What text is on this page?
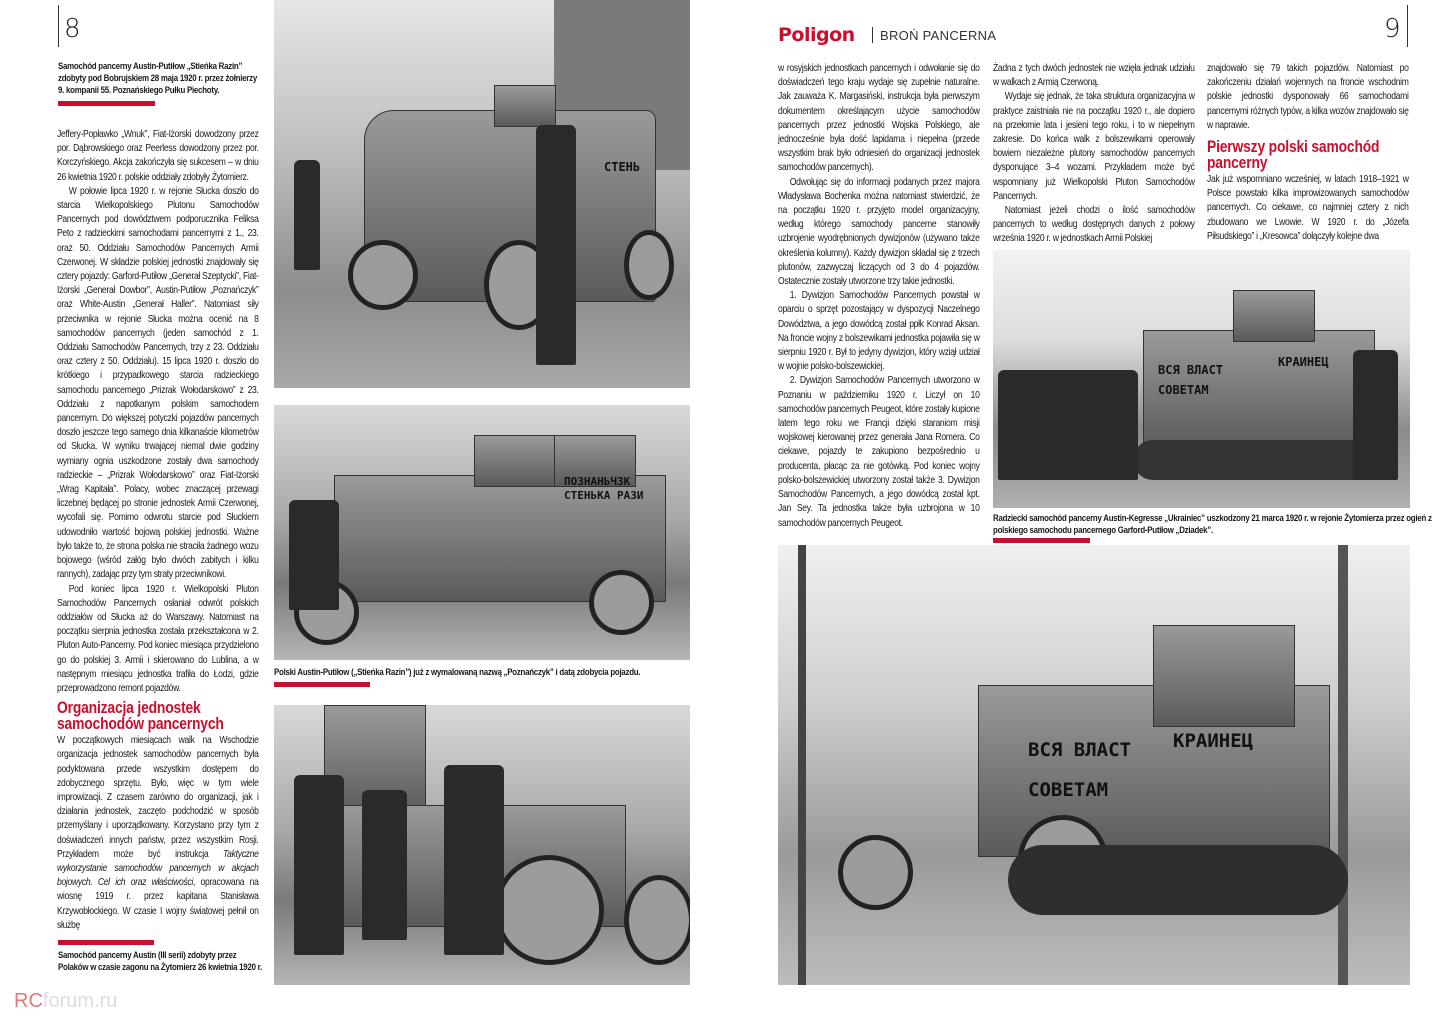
8
Samochód pancerny Austin-Putiłow „Stieńka Razin” zdobyty pod Bobrujskiem 28 maja 1920 r. przez żołnierzy 9. kompanii 55. Poznańskiego Pułku Piechoty.

Jeffery-Popławko „Wnuk”, Fiat-Iżorski dowodzony przez por. Dąbrowskiego oraz Peerless dowodzony przez por. Korczyńskiego. Akcja zakończyła się sukcesem – w dniu 26 kwietnia 1920 r. polskie oddziały zdobyły Żytomierz.

W połowie lipca 1920 r. w rejonie Słucka doszło do starcia Wielkopolskiego Plutonu Samochodów Pancernych pod dowództwem podporucznika Feliksa Peto z radzieckimi samochodami pancernymi z 1., 23. oraz 50. Oddziału Samochodów Pancernych Armii Czerwonej. W składzie polskiej jednostki znajdowały się cztery pojazdy: Garford-Putiłow „Generał Szeptycki”, Fiat-Iżorski „Generał Dowbor”, Austin-Putiłow „Poznańczyk” oraz White-Austin „Generał Haller”. Natomiast siły przeciwnika w rejonie Słucka można ocenić na 8 samochodów pancernych (jeden samochód z 1. Oddziału Samochodów Pancernych, trzy z 23. Oddziału oraz cztery z 50. Oddziału). 15 lipca 1920 r. doszło do krótkiego i przypadkowego starcia radzieckiego samochodu pancernego „Prizrak Wołodarskowo” z 23. Oddziału z napotkanym polskim samochodem pancernym. Do większej potyczki pojazdów pancernych doszło jeszcze tego samego dnia kilkanaście kilometrów od Słucka. W wyniku trwającej niemal dwie godziny wymiany ognia uszkodzone zostały dwa samochody radzieckie – „Prizrak Wołodarskowo” oraz Fiat-Iżorski „Wrag Kapitała”. Polacy, wobec znaczącej przewagi liczebnej będącej po stronie jednostek Armii Czerwonej, wycofali się. Pomimo odwrotu starcie pod Słuckiem udowodniło wartość bojową polskiej jednostki. Ważne było także to, że strona polska nie straciła żadnego wozu bojowego (wśród załóg było dwóch zabitych i kilku rannych), zadając przy tym straty przeciwnikowi.

Pod koniec lipca 1920 r. Wielkopolski Pluton Samochodów Pancernych osłaniał odwrót polskich oddziałów od Słucka aż do Warszawy. Natomiast na początku sierpnia jednostka została przekształcona w 2. Pluton Auto-Pancerny. Pod koniec miesiąca przydzielono go do polskiej 3. Armii i skierowano do Lublina, a w następnym miesiącu jednostka trafiła do Łodzi, gdzie przeprowadzono remont pojazdów.

Organizacja jednostek samochodów pancernych

W początkowych miesiącach walk na Wschodzie organizacja jednostek samochodów pancernych była podyktowana przede wszystkim dostępem do zdobycznego sprzętu. Było, więc w tym wiele improwizacji. Z czasem zarówno do organizacji, jak i działania jednostek, zaczęto podchodzić w sposób przemyślany i uporządkowany. Korzystano przy tym z doświadczeń innych państw, przez wszystkim Rosji. Przykładem może być instrukcja Taktyczne wykorzystanie samochodów pancernych w akcjach bojowych. Cel ich oraz właściwości, opracowana na wiosnę 1919 r. przez kapitana Stanisława Krzywobłockiego. W czasie I wojny światowej pełnił on służbę

СТЕНЬ
ПОЗНАНЬЧЗК
СТЕНЬКА РАЗИ
Polski Austin-Putiłow („Stieńka Razin”) już z wymalowaną nazwą „Poznańczyk” i datą zdobycia pojazdu.
Samochód pancerny Austin (III serii) zdobyty przez Polaków w czasie zagonu na Żytomierz 26 kwietnia 1920 r.
RCforum.ru
Poligon BROŃ PANCERNA	9

w rosyjskich jednostkach pancernych i odwołanie się do doświadczeń tego kraju wydaje się zupełnie naturalne. Jak zauważa K. Margasiński, instrukcja była pierwszym dokumentem określającym użycie samochodów pancernych przez jednostki Wojska Polskiego, ale jednocześnie była dość lapidarna i niepełna (przede wszystkim brak było odniesień do organizacji jednostek samochodów pancernych).

Odwołując się do informacji podanych przez majora Władysława Bochenka można natomiast stwierdzić, że na początku 1920 r. przyjęto model organizacyjny, według którego samochody pancerne stanowiły uzbrojenie wyodrębnionych dywizjonów (używano także określenia kolumny). Każdy dywizjon składał się z trzech plutonów, zazwyczaj liczących od 3 do 4 pojazdów. Ostatecznie zostały utworzone trzy takie jednostki.

1. Dywizjon Samochodów Pancernych powstał w oparciu o sprzęt pozostający w dyspozycji Naczelnego Dowództwa, a jego dowódcą został ppłk Konrad Aksan. Na froncie wojny z bolszewikami jednostka pojawiła się w sierpniu 1920 r. Był to jedyny dywizjon, który wziął udział w wojnie polsko-bolszewickiej.

2. Dywizjon Samochodów Pancernych utworzono w Poznaniu w październiku 1920 r. Liczył on 10 samochodów pancernych Peugeot, które zostały kupione latem tego roku we Francji dzięki staraniom misji wojskowej kierowanej przez generała Jana Romera. Co ciekawe, pojazdy te zakupiono bezpośrednio u producenta, płacąc za nie gotówką. Pod koniec wojny polsko-bolszewickiej utworzony został także 3. Dywizjon Samochodów Pancernych, a jego dowódcą został kpt. Jan Sey. Ta jednostka także była uzbrojona w 10 samochodów pancernych Peugeot.

Żadna z tych dwóch jednostek nie wzięła jednak udziału w walkach z Armią Czerwoną.

Wydaje się jednak, że taka struktura organizacyjna w praktyce zaistniała nie na początku 1920 r., ale dopiero na przełomie lata i jesieni tego roku, i to w niepełnym zakresie. Do końca walk z bolszewikami operowały bowiem niezależne plutony samochodów pancernych dysponujące 3–4 wozami. Przykładem może być wspomniany już Wielkopolski Pluton Samochodów Pancernych.

Natomiast jeżeli chodzi o ilość samochodów pancernych to według dostępnych danych z połowy września 1920 r. w jednostkach Armii Polskiej

znajdowało się 79 takich pojazdów. Natomiast po zakończeniu działań wojennych na froncie wschodnim polskie jednostki dysponowały 66 samochodami pancernymi różnych typów, a kilka wozów znajdowało się w naprawie.

Pierwszy polski samochód pancerny

Jak już wspomniano wcześniej, w latach 1918–1921 w Polsce powstało kilka improwizowanych samochodów pancernych. Co ciekawe, co najmniej cztery z nich zbudowano we Lwowie. W 1920 r. do „Józefa Piłsudskiego” i „Kresowca” dołączyły kolejne dwa

ВСЯ ВЛАСТ
СОВЕТАМ
КРАИНЕЦ
Radziecki samochód pancerny Austin-Kegresse „Ukrainiec” uszkodzony 21 marca 1920 r. w rejonie Żytomierza przez ogień z polskiego samochodu pancernego Garford-Putiłow „Dziadek”.
ВСЯ ВЛАСТ
СОВЕТАМ
КРАИНЕЦ
